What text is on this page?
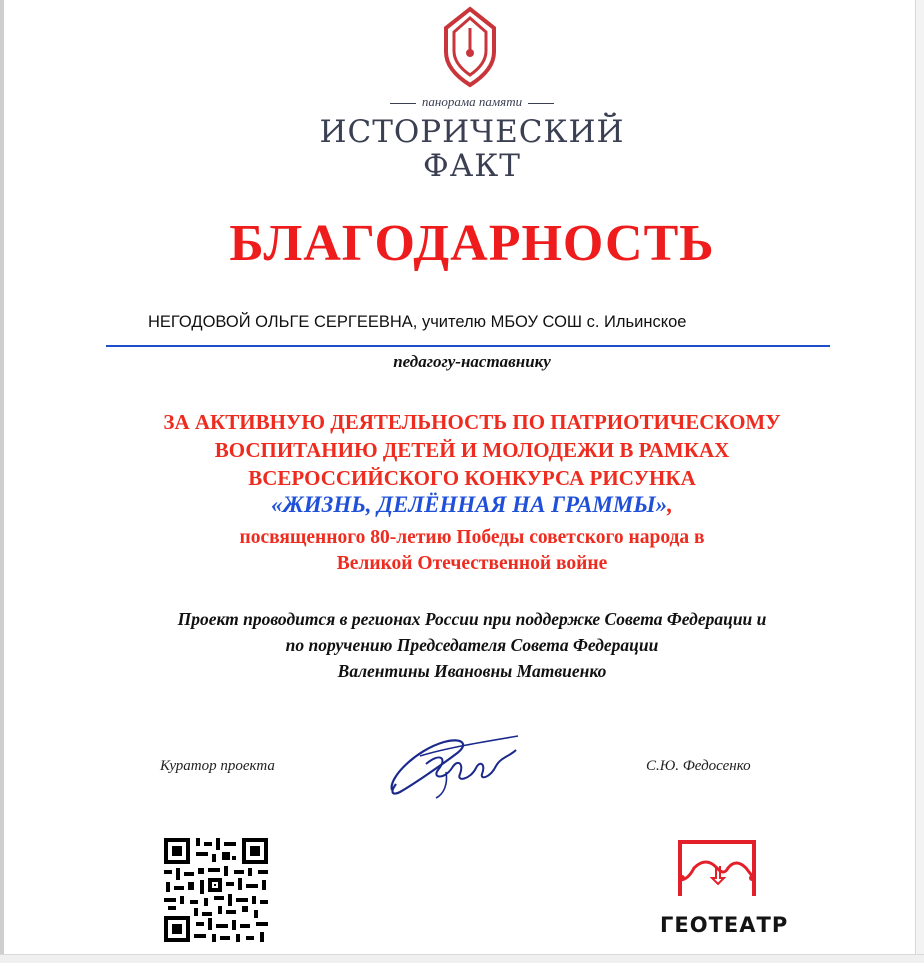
панорама памяти
ИСТОРИЧЕСКИЙ
ФАКТ
БЛАГОДАРНОСТЬ
НЕГОДОВОЙ ОЛЬГЕ СЕРГЕЕВНА, учителю МБОУ СОШ с. Ильинское
педагогу-наставнику
ЗА АКТИВНУЮ ДЕЯТЕЛЬНОСТЬ ПО ПАТРИОТИЧЕСКОМУ
ВОСПИТАНИЮ ДЕТЕЙ И МОЛОДЕЖИ В РАМКАХ
ВСЕРОССИЙСКОГО КОНКУРСА РИСУНКА
«ЖИЗНЬ, ДЕЛЁННАЯ НА ГРАММЫ»,
посвященного 80-летию Победы советского народа в
Великой Отечественной войне
Проект проводится в регионах России при поддержке Совета Федерации и
по поручению Председателя Совета Федерации
Валентины Ивановны Матвиенко
Куратор проекта	С.Ю. Федосенко
ГЕОТЕАТР
